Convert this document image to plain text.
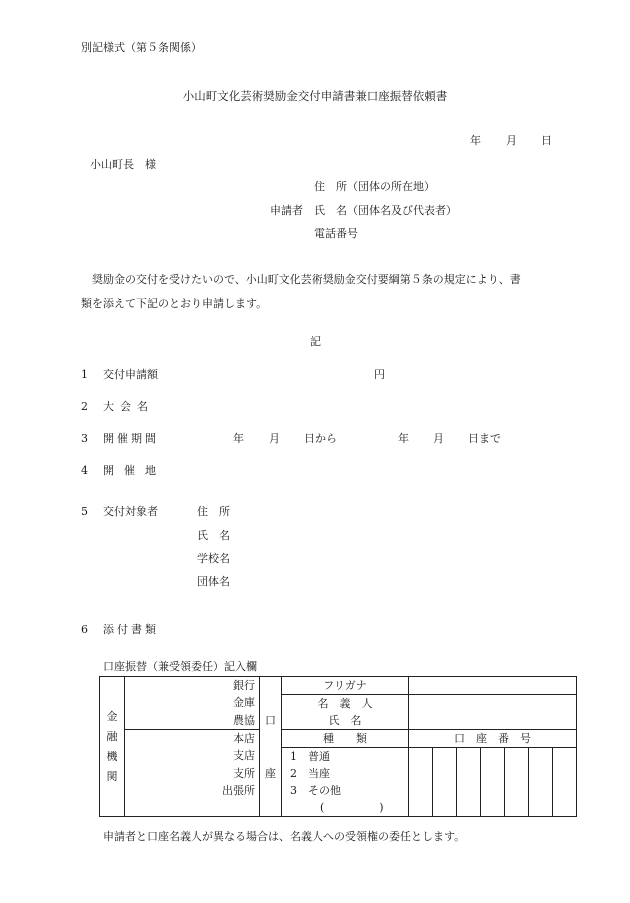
別記様式（第５条関係）
小山町文化芸術奨励金交付申請書兼口座振替依頼書
年 月 日
小山町長　様
住　所（団体の所在地）
申請者 氏　名（団体名及び代表者）
電話番号
奨励金の交付を受けたいので、小山町文化芸術奨励金交付要綱第５条の規定により、書
類を添えて下記のとおり申請します。
記
1 交付申請額	円
2 大会名
3 開催期間	年 月 日から	年 月 日まで
4 開催地
5 交付対象者	住　所
氏　名
学校名
団体名
6 添付書類
口座振替（兼受領委任）記入欄
金
融
機
関	銀行		フリガナ							
	金庫		名　義　人							
	農協	口	氏　名							
	本店		種　　類	口　座　番　号						
	支店		1　普通							
	支所	座	2　当座							
	出張所		3　その他							
			(　　　　　)							
申請者と口座名義人が異なる場合は、名義人への受領権の委任とします。
